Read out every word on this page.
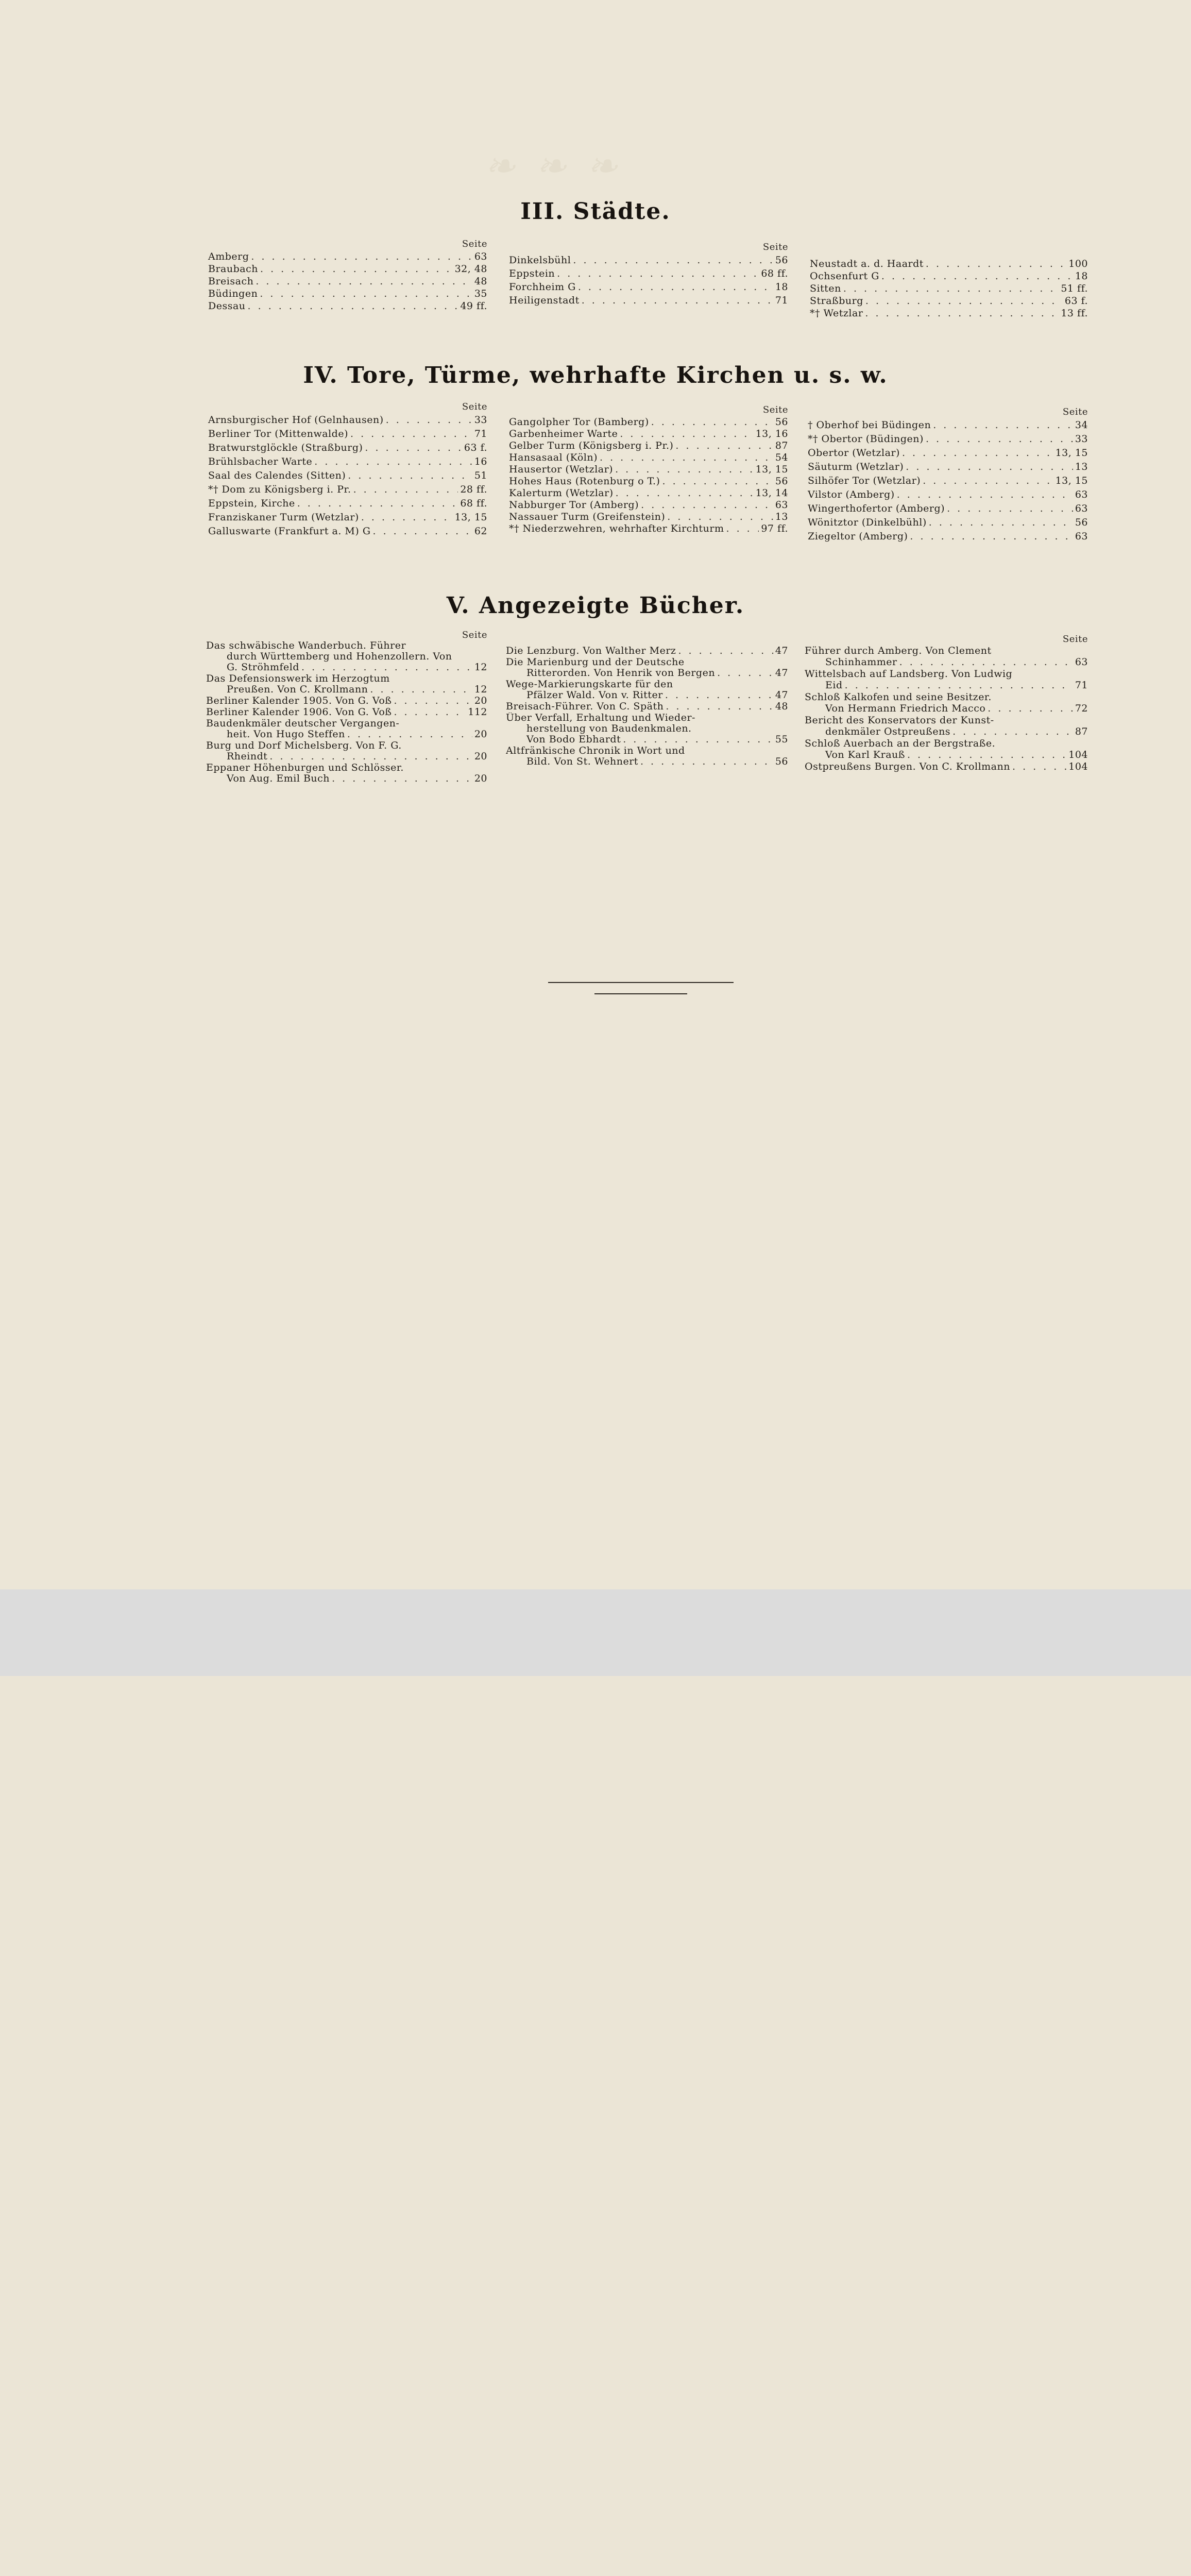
❧ ❧ ❧
III. Städte.
Seite
Amberg . . .	63
Braubach . . .	32, 48
Breisach . . .	48
Büdingen . . .	35
Dessau . . .	49 ff.
Seite
Dinkelsbühl . . .	56
Eppstein . . .	68 ff.
Forchheim G . . .	18
Heiligenstadt . . .	71
Neustadt a. d. Haardt . . .	100
Ochsenfurt G . . .	18
Sitten . . .	51 ff.
Straßburg . . .	63 f.
*† Wetzlar . . .	13 ff.
IV. Tore, Türme, wehrhafte Kirchen u. s. w.
Seite
Arnsburgischer Hof (Gelnhausen) . . .	33
Berliner Tor (Mittenwalde) . . .	71
Bratwurstglöckle (Straßburg) . . .	63 f.
Brühlsbacher Warte . . .	16
Saal des Calendes (Sitten) . . .	51
*† Dom zu Königsberg i. Pr. . . .	28 ff.
Eppstein, Kirche . . .	68 ff.
Franziskaner Turm (Wetzlar) . . .	13, 15
Galluswarte (Frankfurt a. M) G . . .	62
Seite
Gangolpher Tor (Bamberg) . . .	56
Garbenheimer Warte . . .	13, 16
Gelber Turm (Königsberg i. Pr.) . . .	87
Hansasaal (Köln) . . .	54
Hausertor (Wetzlar) . . .	13, 15
Hohes Haus (Rotenburg o T.) . . .	56
Kalerturm (Wetzlar) . . .	13, 14
Nabburger Tor (Amberg) . . .	63
Nassauer Turm (Greifenstein) . . .	13
*† Niederzwehren, wehrhafter Kirchturm . . .	97 ff.
Seite
† Oberhof bei Büdingen . . .	34
*† Obertor (Büdingen) . . .	33
Obertor (Wetzlar) . . .	13, 15
Säuturm (Wetzlar) . . .	13
Silhöfer Tor (Wetzlar) . . .	13, 15
Vilstor (Amberg) . . .	63
Wingerthofertor (Amberg) . . .	63
Wönitztor (Dinkelbühl) . . .	56
Ziegeltor (Amberg) . . .	63
V. Angezeigte Bücher.
Seite
Das schwäbische Wanderbuch. Führer
durch Württemberg und Hohenzollern. Von
G. Ströhmfeld . . .	12
Das Defensionswerk im Herzogtum
Preußen. Von C. Krollmann . . .	12
Berliner Kalender 1905. Von G. Voß . . .	20
Berliner Kalender 1906. Von G. Voß . . .	112
Baudenkmäler deutscher Vergangen-
heit. Von Hugo Steffen . . .	20
Burg und Dorf Michelsberg. Von F. G.
Rheindt . . .	20
Eppaner Höhenburgen und Schlösser.
Von Aug. Emil Buch . . .	20
Die Lenzburg. Von Walther Merz . . .	47
Die Marienburg und der Deutsche
Ritterorden. Von Henrik von Bergen . . .	47
Wege-Markierungskarte für den
Pfälzer Wald. Von v. Ritter . . .	47
Breisach-Führer. Von C. Späth . . .	48
Über Verfall, Erhaltung und Wieder-
herstellung von Baudenkmalen.
Von Bodo Ebhardt . . .	55
Altfränkische Chronik in Wort und
Bild. Von St. Wehnert . . .	56
Seite
Führer durch Amberg. Von Clement
Schinhammer . . .	63
Wittelsbach auf Landsberg. Von Ludwig
Eid . . .	71
Schloß Kalkofen und seine Besitzer.
Von Hermann Friedrich Macco . . .	72
Bericht des Konservators der Kunst-
denkmäler Ostpreußens . . .	87
Schloß Auerbach an der Bergstraße.
Von Karl Krauß . . .	104
Ostpreußens Burgen. Von C. Krollmann . . .	104
